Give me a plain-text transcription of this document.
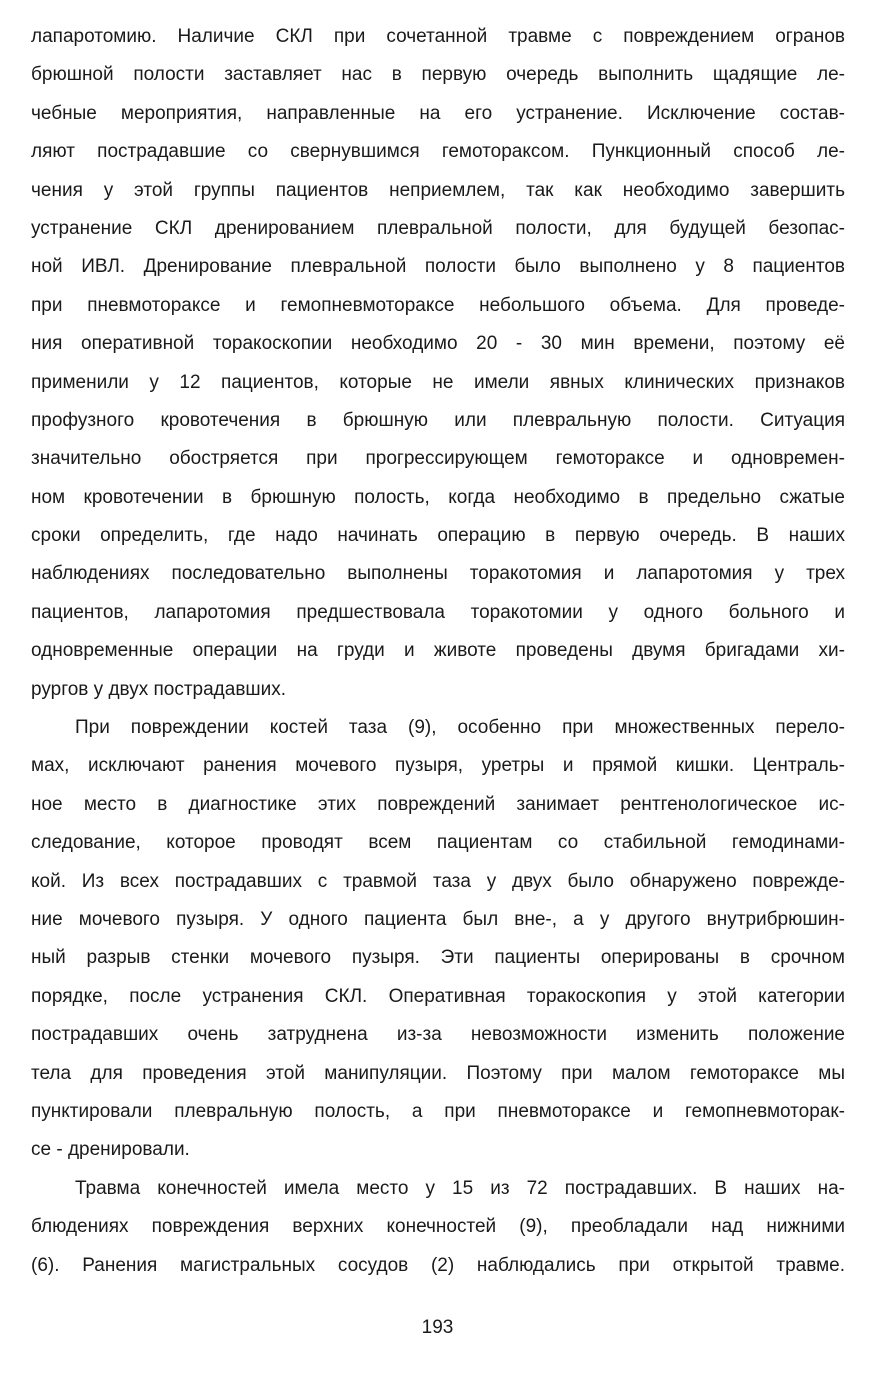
лапаротомию. Наличие СКЛ при сочетанной травме с повреждением огранов
брюшной полости заставляет нас в первую очередь выполнить щадящие ле-
чебные мероприятия, направленные на его устранение. Исключение состав-
ляют пострадавшие со свернувшимся гемотораксом. Пункционный способ ле-
чения у этой группы пациентов неприемлем, так как необходимо завершить
устранение СКЛ дренированием плевральной полости, для будущей безопас-
ной ИВЛ. Дренирование плевральной полости было выполнено у 8 пациентов
при пневмотораксе и гемопневмотораксе небольшого объема. Для проведе-
ния оперативной торакоскопии необходимо 20 - 30 мин времени, поэтому её
применили у 12 пациентов, которые не имели явных клинических признаков
профузного кровотечения в брюшную или плевральную полости. Ситуация
значительно обостряется при прогрессирующем гемотораксе и одновремен-
ном кровотечении в брюшную полость, когда необходимо в предельно сжатые
сроки определить, где надо начинать операцию в первую очередь. В наших
наблюдениях последовательно выполнены торакотомия и лапаротомия у трех
пациентов, лапаротомия предшествовала торакотомии у одного больного и
одновременные операции на груди и животе проведены двумя бригадами хи-
рургов у двух пострадавших.
При повреждении костей таза (9), особенно при множественных перело-
мах, исключают ранения мочевого пузыря, уретры и прямой кишки. Централь-
ное место в диагностике этих повреждений занимает рентгенологическое ис-
следование, которое проводят всем пациентам со стабильной гемодинами-
кой. Из всех пострадавших с травмой таза у двух было обнаружено поврежде-
ние мочевого пузыря. У одного пациента был вне-, а у другого внутрибрюшин-
ный разрыв стенки мочевого пузыря. Эти пациенты оперированы в срочном
порядке, после устранения СКЛ. Оперативная торакоскопия у этой категории
пострадавших очень затруднена из-за невозможности изменить положение
тела для проведения этой манипуляции. Поэтому при малом гемотораксе мы
пунктировали плевральную полость, а при пневмотораксе и гемопневмоторак-
се - дренировали.
Травма конечностей имела место у 15 из 72 пострадавших. В наших на-
блюдениях повреждения верхних конечностей (9), преобладали над нижними
(6). Ранения магистральных сосудов (2) наблюдались при открытой травме.
193
